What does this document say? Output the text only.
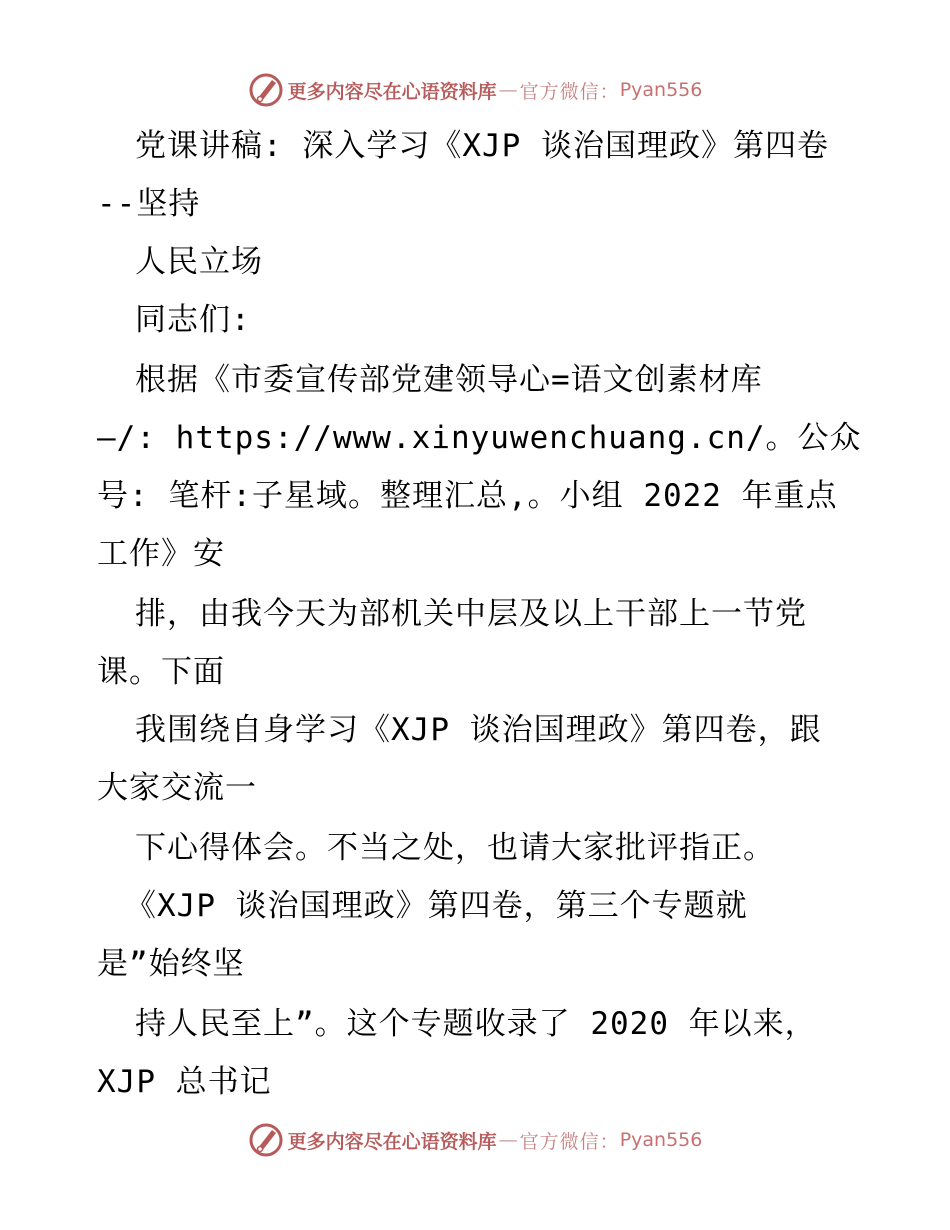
更多内容尽在心语资料库 — 官方微信： Pyan556
党课讲稿: 深入学习《XJP 谈治国理政》第四卷
--坚持
人民立场
同志们:
根据《市委宣传部党建领导心=语文创素材库
—/: https://www.xinyuwenchuang.cn/。公众
号: 笔杆:子星域。整理汇总,。小组 2022 年重点
工作》安
排，由我今天为部机关中层及以上干部上一节党
课。下面
我围绕自身学习《XJP 谈治国理政》第四卷，跟
大家交流一
下心得体会。不当之处，也请大家批评指正。
《XJP 谈治国理政》第四卷，第三个专题就
是”始终坚
持人民至上”。这个专题收录了 2020 年以来，
XJP 总书记
更多内容尽在心语资料库 — 官方微信： Pyan556
